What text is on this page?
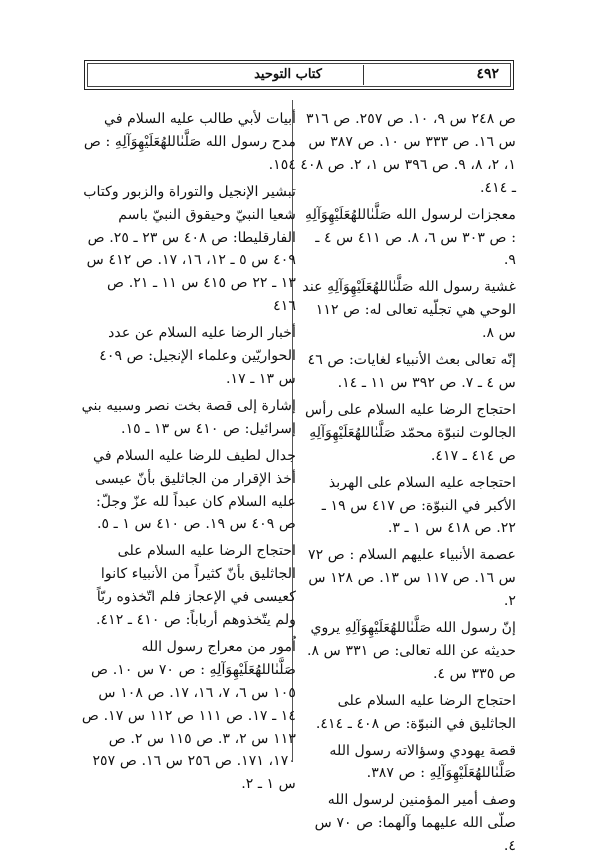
٤٩٢
كتاب التوحيد

ص ٢٤٨ س ٩، ١٠. ص ٢٥٧. ص ٣١٦ س ١٦. ص ٣٣٣ س ١٠. ص ٣٨٧ س ١، ٢، ٨، ٩. ص ٣٩٦ س ١، ٢. ص ٤٠٨ ـ ٤١٤.

معجزات لرسول الله صَلَّىٰاللهُعَلَيْهِوَآلِهِ : ص ٣٠٣ س ٦، ٨. ص ٤١١ س ٤ ـ ٩.

غشية رسول الله صَلَّىٰاللهُعَلَيْهِوَآلِهِ عند الوحي هي تجلّيه تعالى له: ص ١١٢ س ٨.

إنّه تعالى بعث الأنبياء لغايات: ص ٤٦ س ٤ ـ ٧. ص ٣٩٢ س ١١ ـ ١٤.

احتجاج الرضا عليه السلام على رأس الجالوت لنبوّة محمّد صَلَّىٰاللهُعَلَيْهِوَآلِهِ ص ٤١٤ ـ ٤١٧.

احتجاجه عليه السلام على الهربذ الأكبر في النبوّة: ص ٤١٧ س ١٩ ـ ٢٢. ص ٤١٨ س ١ ـ ٣.

عصمة الأنبياء عليهم السلام : ص ٧٢ س ١٦. ص ١١٧ س ١٣. ص ١٢٨ س ٢.

إنّ رسول الله صَلَّىٰاللهُعَلَيْهِوَآلِهِ يروي حديثه عن الله تعالى: ص ٣٣١ س ٨. ص ٣٣٥ س ٤.

احتجاج الرضا عليه السلام على الجاثليق في النبوّة: ص ٤٠٨ ـ ٤١٤.

قصة يهودي وسؤالاته رسول الله صَلَّىٰاللهُعَلَيْهِوَآلِهِ : ص ٣٨٧.

وصف أمير المؤمنين لرسول الله صلّى الله عليهما وآلهما: ص ٧٠ س ٤.

أبيات لأبي طالب عليه السلام في مدح رسول الله صَلَّىٰاللهُعَلَيْهِوَآلِهِ : ص ١٥٤.

تبشير الإنجيل والتوراة والزبور وكتاب شعيا النبيّ وحيقوق النبيّ باسم الفارقليطا: ص ٤٠٨ س ٢٣ ـ ٢٥. ص ٤٠٩ س ٥ ـ ١٢، ١٦، ١٧. ص ٤١٢ س ١٣ ـ ٢٢ ص ٤١٥ س ١١ ـ ٢١. ص ٤١٦

أخبار الرضا عليه السلام عن عدد الحواريّين وعلماء الإنجيل: ص ٤٠٩ س ١٣ ـ ١٧.

إشارة إلى قصة بخت نصر وسبيه بني إسرائيل: ص ٤١٠ س ١٣ ـ ١٥.

جدال لطيف للرضا عليه السلام في أخذ الإقرار من الجاثليق بأنّ عيسى عليه السلام كان عبداً لله عزّ وجلّ: ص ٤٠٩ س ١٩. ص ٤١٠ س ١ ـ ٥.

احتجاج الرضا عليه السلام على الجاثليق بأنّ كثيراً من الأنبياء كانوا كعيسى في الإعجاز فلم اتّخذوه ربّاً ولم يتّخذوهم أرباباً: ص ٤١٠ ـ ٤١٢.

اُمور من معراج رسول الله صَلَّىٰاللهُعَلَيْهِوَآلِهِ : ص ٧٠ س ١٠. ص ١٠٥ س ٦، ٧، ١٦، ١٧. ص ١٠٨ س ١٤ ـ ١٧. ص ١١١ ص ١١٢ س ١٧. ص ١١٣ س ٢، ٣. ص ١١٥ س ٢. ص ١٧٠، ١٧١. ص ٢٥٦ س ١٦. ص ٢٥٧ س ١ ـ ٢.
